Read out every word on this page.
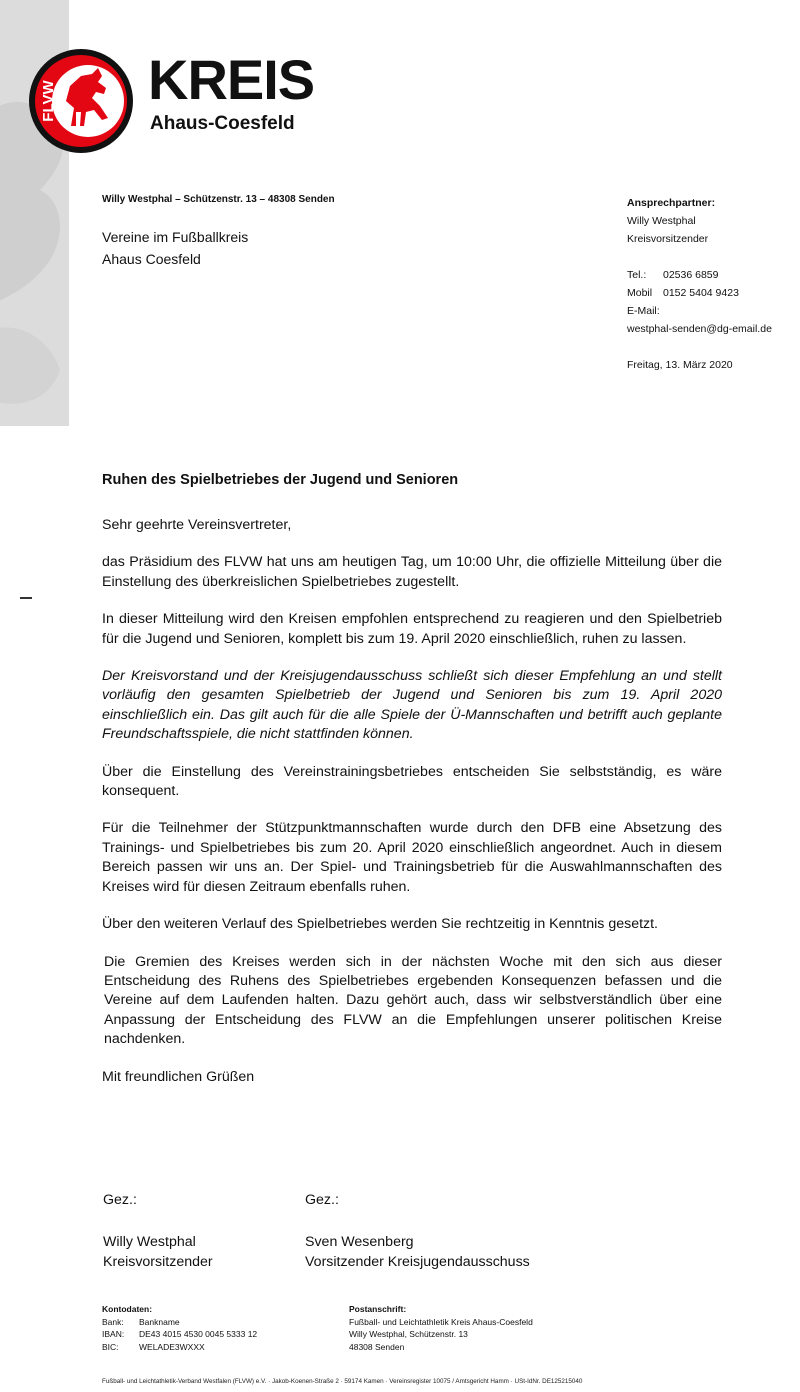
FLVW KREIS
Ahaus-Coesfeld
Willy Westphal – Schützenstr. 13 – 48308 Senden
Vereine im Fußballkreis
Ahaus Coesfeld
Ansprechpartner:
Willy Westphal
Kreisvorsitzender
Tel.: 02536 6859
Mobil 0152 5404 9423
E-Mail:
westphal-senden@dg-email.de
Freitag, 13. März 2020
Ruhen des Spielbetriebes der Jugend und Senioren

Sehr geehrte Vereinsvertreter,

das Präsidium des FLVW hat uns am heutigen Tag, um 10:00 Uhr, die offizielle Mitteilung über die Einstellung des überkreislichen Spielbetriebes zugestellt.

In dieser Mitteilung wird den Kreisen empfohlen entsprechend zu reagieren und den Spielbetrieb für die Jugend und Senioren, komplett bis zum 19. April 2020 einschließlich, ruhen zu lassen.

Der Kreisvorstand und der Kreisjugendausschuss schließt sich dieser Empfehlung an und stellt vorläufig den gesamten Spielbetrieb der Jugend und Senioren bis zum 19. April 2020 einschließlich ein. Das gilt auch für die alle Spiele der Ü-Mannschaften und betrifft auch geplante Freundschaftsspiele, die nicht stattfinden können.

Über die Einstellung des Vereinstrainingsbetriebes entscheiden Sie selbstständig, es wäre konsequent.

Für die Teilnehmer der Stützpunktmannschaften wurde durch den DFB eine Absetzung des Trainings- und Spielbetriebes bis zum 20. April 2020 einschließlich angeordnet. Auch in diesem Bereich passen wir uns an. Der Spiel- und Trainingsbetrieb für die Auswahlmannschaften des Kreises wird für diesen Zeitraum ebenfalls ruhen.

Über den weiteren Verlauf des Spielbetriebes werden Sie rechtzeitig in Kenntnis gesetzt.

Die Gremien des Kreises werden sich in der nächsten Woche mit den sich aus dieser Entscheidung des Ruhens des Spielbetriebes ergebenden Konsequenzen befassen und die Vereine auf dem Laufenden halten. Dazu gehört auch, dass wir selbstverständlich über eine Anpassung der Entscheidung des FLVW an die Empfehlungen unserer politischen Kreise nachdenken.

Mit freundlichen Grüßen

Gez.:
Willy Westphal
Kreisvorsitzender
Gez.:
Sven Wesenberg
Vorsitzender Kreisjugendausschuss
Kontodaten:
Bank: Bankname
IBAN: DE43 4015 4530 0045 5333 12
BIC: WELADE3WXXX
Postanschrift:
Fußball- und Leichtathletik Kreis Ahaus-Coesfeld
Willy Westphal, Schützenstr. 13
48308 Senden
Fußball- und Leichtathletik-Verband Westfalen (FLVW) e.V. · Jakob-Koenen-Straße 2 · 59174 Kamen · Vereinsregister 10075 / Amtsgericht Hamm · USt-IdNr. DE125215040
